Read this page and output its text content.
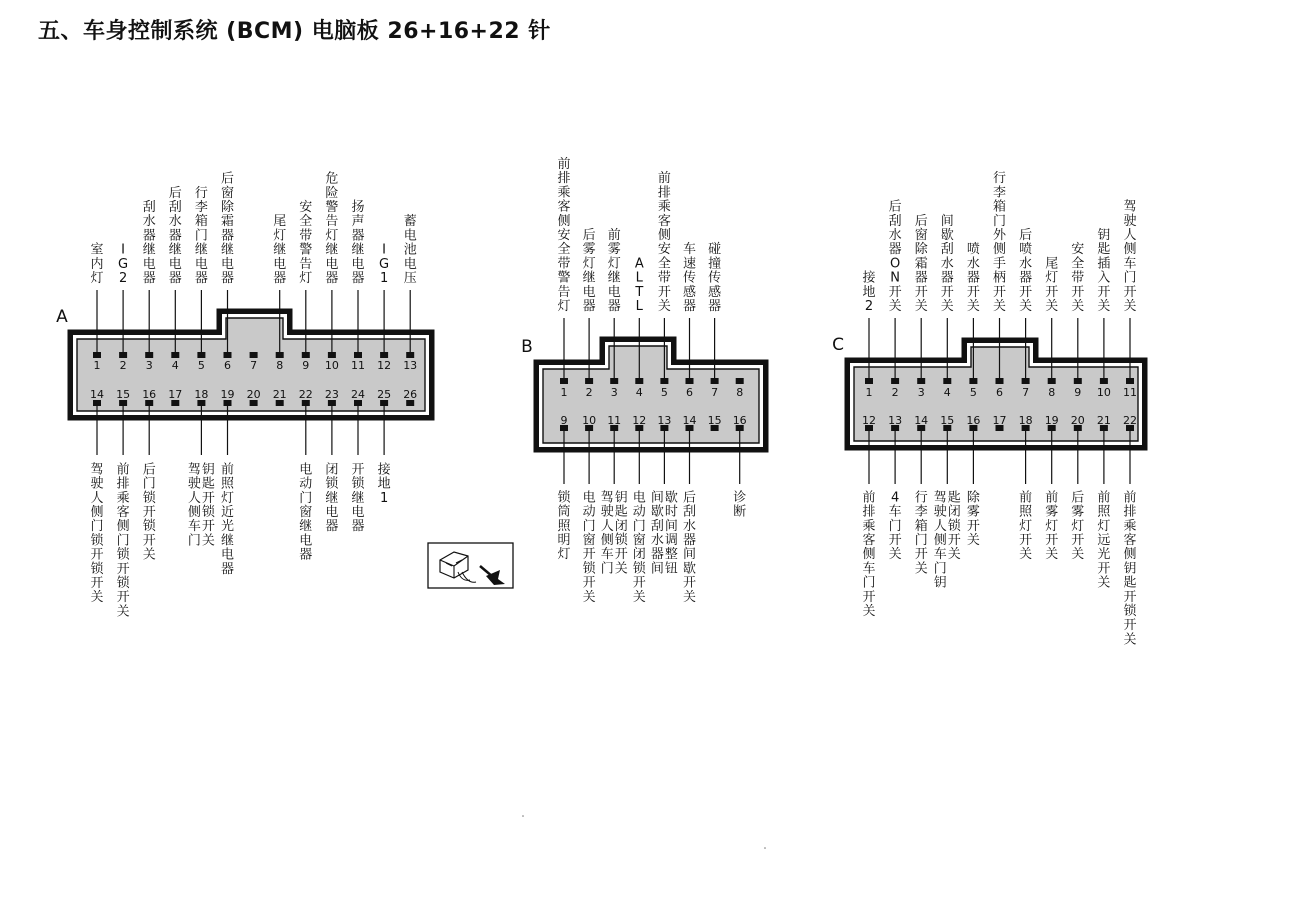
五、车身控制系统 (BCM) 电脑板 26+16+22 针
A
1
室内灯
2
I G 2
3
刮水器继电器
4
后刮水器继电器
5
行李箱门继电器
6
后窗除霜器继电器
7 8
尾灯继电器
9
安全带警告灯
10
危险警告灯继电器
11
扬声器继电器
12
I G 1
13
蓄电池电压
14
驾驶人侧门锁开锁开关
15
前排乘客侧门锁开锁开关
16
后门锁开锁开关
17 18
驾驶人侧车门
钥匙开锁开关
19
前照灯近光继电器
20 21 22
电动门窗继电器
23
闭锁继电器
24
开锁继电器
25
接地 1
26
B
1
前排乘客侧安全带警告灯
2
后雾灯继电器
3
前雾灯继电器
4
A L T L
5
前排乘客侧安全带开关
6
车速传感器
7
碰撞传感器
8
9
锁筒照明灯
10
电动门窗开锁开关
11
驾驶人侧车门
钥匙闭锁开关
12
电动门窗闭锁开关
13
间歇刮水器间
歇时间调整钮
14
后刮水器间歇开关
15 16
诊断
C
1
接地 2
2
后刮水器 O N 开关
3
后窗除霜器开关
4
间歇刮水器开关
5
喷水器开关
6
行李箱门外侧手柄开关
7
后喷水器开关
8
尾灯开关
9
安全带开关
10
钥匙插入开关
11
驾驶人侧车门开关
12
前排乘客侧车门开关
13
4 车门开关
14
行李箱门开关
15
驾驶人侧车门钥
匙闭锁开关
16
除雾开关
17 18
前照灯开关
19
前雾灯开关
20
后雾灯开关
21
前照灯远光开关
22
前排乘客侧钥匙开锁开关
